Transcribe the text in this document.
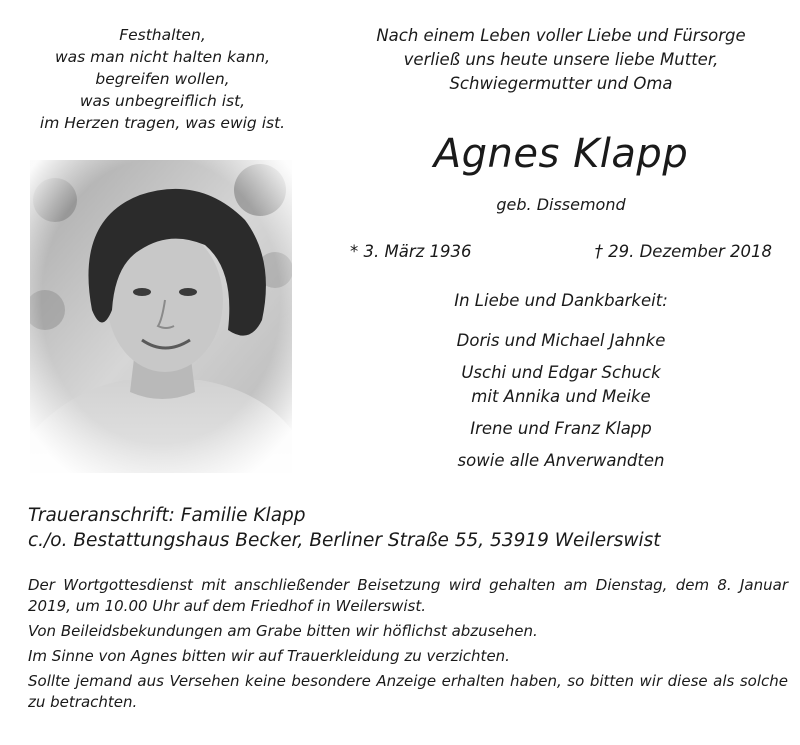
Festhalten,
was man nicht halten kann,
begreifen wollen,
was unbegreiflich ist,
im Herzen tragen, was ewig ist.
Nach einem Leben voller Liebe und Fürsorge
verließ uns heute unsere liebe Mutter,
Schwiegermutter und Oma
Agnes Klapp
geb. Dissemond
* 3. März 1936	† 29. Dezember 2018
In Liebe und Dankbarkeit:
Doris und Michael Jahnke
Uschi und Edgar Schuck
mit Annika und Meike
Irene und Franz Klapp
sowie alle Anverwandten
Traueranschrift: Familie Klapp
c./o. Bestattungshaus Becker, Berliner Straße 55, 53919 Weilerswist

Der Wortgottesdienst mit anschließender Beisetzung wird gehalten am Dienstag, dem 8. Januar 2019, um 10.00 Uhr auf dem Friedhof in Weilerswist.

Von Beileidsbekundungen am Grabe bitten wir höflichst abzusehen.

Im Sinne von Agnes bitten wir auf Trauerkleidung zu verzichten.

Sollte jemand aus Versehen keine besondere Anzeige erhalten haben, so bitten wir diese als solche zu betrachten.
